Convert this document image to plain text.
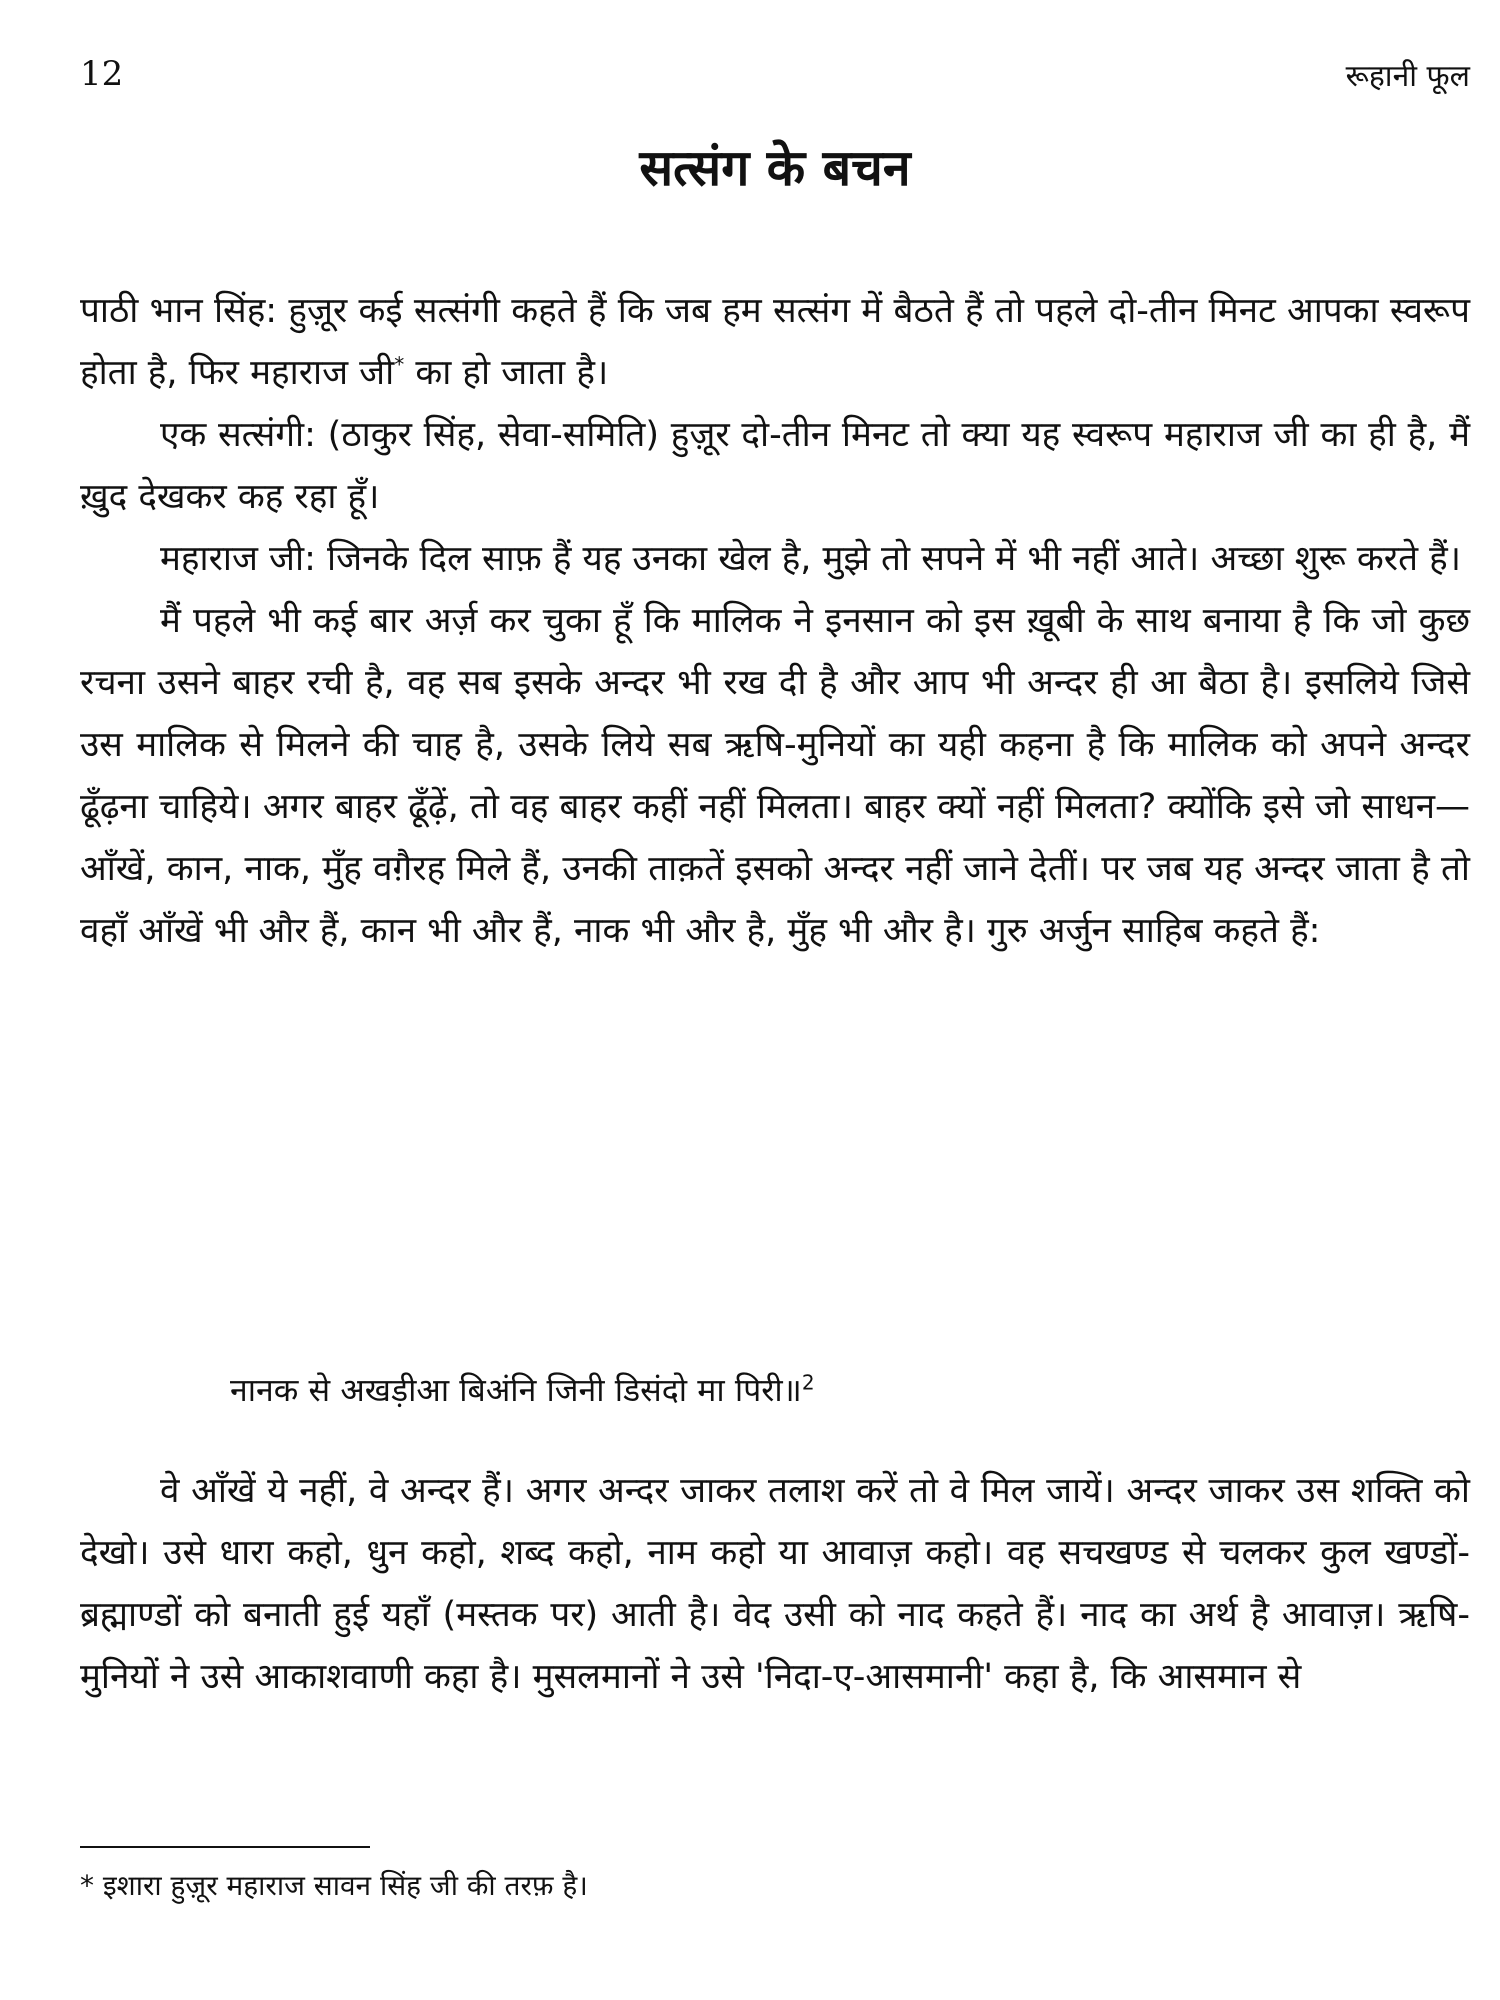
12	रूहानी फूल
सत्संग के बचन

पाठी भान सिंह: हुज़ूर कई सत्संगी कहते हैं कि जब हम सत्संग में बैठते हैं तो पहले दो-तीन मिनट आपका स्वरूप होता है, फिर महाराज जी* का हो जाता है।

एक सत्संगी: (ठाकुर सिंह, सेवा-समिति) हुज़ूर दो-तीन मिनट तो क्या यह स्वरूप महाराज जी का ही है, मैं ख़ुद देखकर कह रहा हूँ।

महाराज जी: जिनके दिल साफ़ हैं यह उनका खेल है, मुझे तो सपने में भी नहीं आते। अच्छा शुरू करते हैं।

मैं पहले भी कई बार अर्ज़ कर चुका हूँ कि मालिक ने इनसान को इस ख़ूबी के साथ बनाया है कि जो कुछ रचना उसने बाहर रची है, वह सब इसके अन्दर भी रख दी है और आप भी अन्दर ही आ बैठा है। इसलिये जिसे उस मालिक से मिलने की चाह है, उसके लिये सब ऋषि-मुनियों का यही कहना है कि मालिक को अपने अन्दर ढूँढ़ना चाहिये। अगर बाहर ढूँढ़ें, तो वह बाहर कहीं नहीं मिलता। बाहर क्यों नहीं मिलता? क्योंकि इसे जो साधन—आँखें, कान, नाक, मुँह वग़ैरह मिले हैं, उनकी ताक़तें इसको अन्दर नहीं जाने देतीं। पर जब यह अन्दर जाता है तो वहाँ आँखें भी और हैं, कान भी और हैं, नाक भी और है, मुँह भी और है। गुरु अर्जुन साहिब कहते हैं:

नानक से अखड़ीआ बिअंनि जिनी डिसंदो मा पिरी॥$^2$

वे आँखें ये नहीं, वे अन्दर हैं। अगर अन्दर जाकर तलाश करें तो वे मिल जायें। अन्दर जाकर उस शक्ति को देखो। उसे धारा कहो, धुन कहो, शब्द कहो, नाम कहो या आवाज़ कहो। वह सचखण्ड से चलकर कुल खण्डों-ब्रह्माण्डों को बनाती हुई यहाँ (मस्तक पर) आती है। वेद उसी को नाद कहते हैं। नाद का अर्थ है आवाज़। ऋषि-मुनियों ने उसे आकाशवाणी कहा है। मुसलमानों ने उसे 'निदा-ए-आसमानी' कहा है, कि आसमान से

* इशारा हुज़ूर महाराज सावन सिंह जी की तरफ़ है।
